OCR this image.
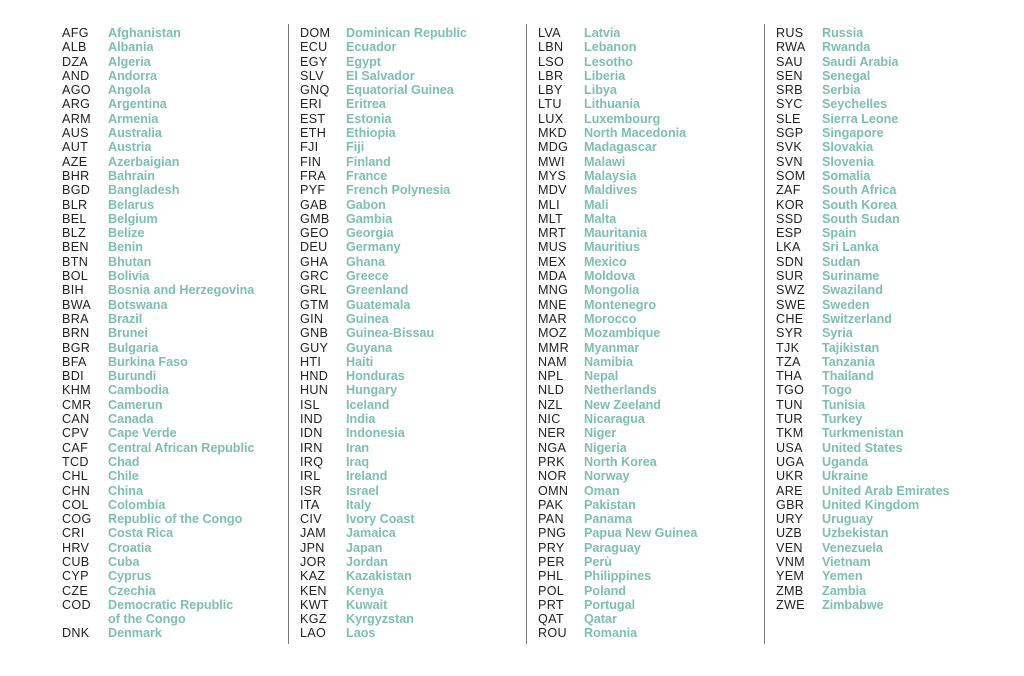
AFG	Afghanistan
ALB	Albania
DZA	Algeria
AND	Andorra
AGO	Angola
ARG	Argentina
ARM	Armenia
AUS	Australia
AUT	Austria
AZE	Azerbaigian
BHR	Bahrain
BGD	Bangladesh
BLR	Belarus
BEL	Belgium
BLZ	Belize
BEN	Benin
BTN	Bhutan
BOL	Bolivia
BIH	Bosnia and Herzegovina
BWA	Botswana
BRA	Brazil
BRN	Brunei
BGR	Bulgaria
BFA	Burkina Faso
BDI	Burundi
KHM	Cambodia
CMR	Camerun
CAN	Canada
CPV	Cape Verde
CAF	Central African Republic
TCD	Chad
CHL	Chile
CHN	China
COL	Colombia
COG	Republic of the Congo
CRI	Costa Rica
HRV	Croatia
CUB	Cuba
CYP	Cyprus
CZE	Czechia
COD	Democratic Republic
of the Congo
DNK	Denmark
DOM	Dominican Republic
ECU	Ecuador
EGY	Egypt
SLV	El Salvador
GNQ	Equatorial Guinea
ERI	Eritrea
EST	Estonia
ETH	Ethiopia
FJI	Fiji
FIN	Finland
FRA	France
PYF	French Polynesia
GAB	Gabon
GMB	Gambia
GEO	Georgia
DEU	Germany
GHA	Ghana
GRC	Greece
GRL	Greenland
GTM	Guatemala
GIN	Guinea
GNB	Guinea-Bissau
GUY	Guyana
HTI	Haiti
HND	Honduras
HUN	Hungary
ISL	Iceland
IND	India
IDN	Indonesia
IRN	Iran
IRQ	Iraq
IRL	Ireland
ISR	Israel
ITA	Italy
CIV	Ivory Coast
JAM	Jamaica
JPN	Japan
JOR	Jordan
KAZ	Kazakistan
KEN	Kenya
KWT	Kuwait
KGZ	Kyrgyzstan
LAO	Laos
LVA	Latvia
LBN	Lebanon
LSO	Lesotho
LBR	Liberia
LBY	Libya
LTU	Lithuania
LUX	Luxembourg
MKD	North Macedonia
MDG	Madagascar
MWI	Malawi
MYS	Malaysia
MDV	Maldives
MLI	Mali
MLT	Malta
MRT	Mauritania
MUS	Mauritius
MEX	Mexico
MDA	Moldova
MNG	Mongolia
MNE	Montenegro
MAR	Morocco
MOZ	Mozambique
MMR	Myanmar
NAM	Namibia
NPL	Nepal
NLD	Netherlands
NZL	New Zeeland
NIC	Nicaragua
NER	Niger
NGA	Nigeria
PRK	North Korea
NOR	Norway
OMN	Oman
PAK	Pakistan
PAN	Panama
PNG	Papua New Guinea
PRY	Paraguay
PER	Perù
PHL	Philippines
POL	Poland
PRT	Portugal
QAT	Qatar
ROU	Romania
RUS	Russia
RWA	Rwanda
SAU	Saudi Arabia
SEN	Senegal
SRB	Serbia
SYC	Seychelles
SLE	Sierra Leone
SGP	Singapore
SVK	Slovakia
SVN	Slovenia
SOM	Somalia
ZAF	South Africa
KOR	South Korea
SSD	South Sudan
ESP	Spain
LKA	Sri Lanka
SDN	Sudan
SUR	Suriname
SWZ	Swaziland
SWE	Sweden
CHE	Switzerland
SYR	Syria
TJK	Tajikistan
TZA	Tanzania
THA	Thailand
TGO	Togo
TUN	Tunisia
TUR	Turkey
TKM	Turkmenistan
USA	United States
UGA	Uganda
UKR	Ukraine
ARE	United Arab Emirates
GBR	United Kingdom
URY	Uruguay
UZB	Uzbekistan
VEN	Venezuela
VNM	Vietnam
YEM	Yemen
ZMB	Zambia
ZWE	Zimbabwe
